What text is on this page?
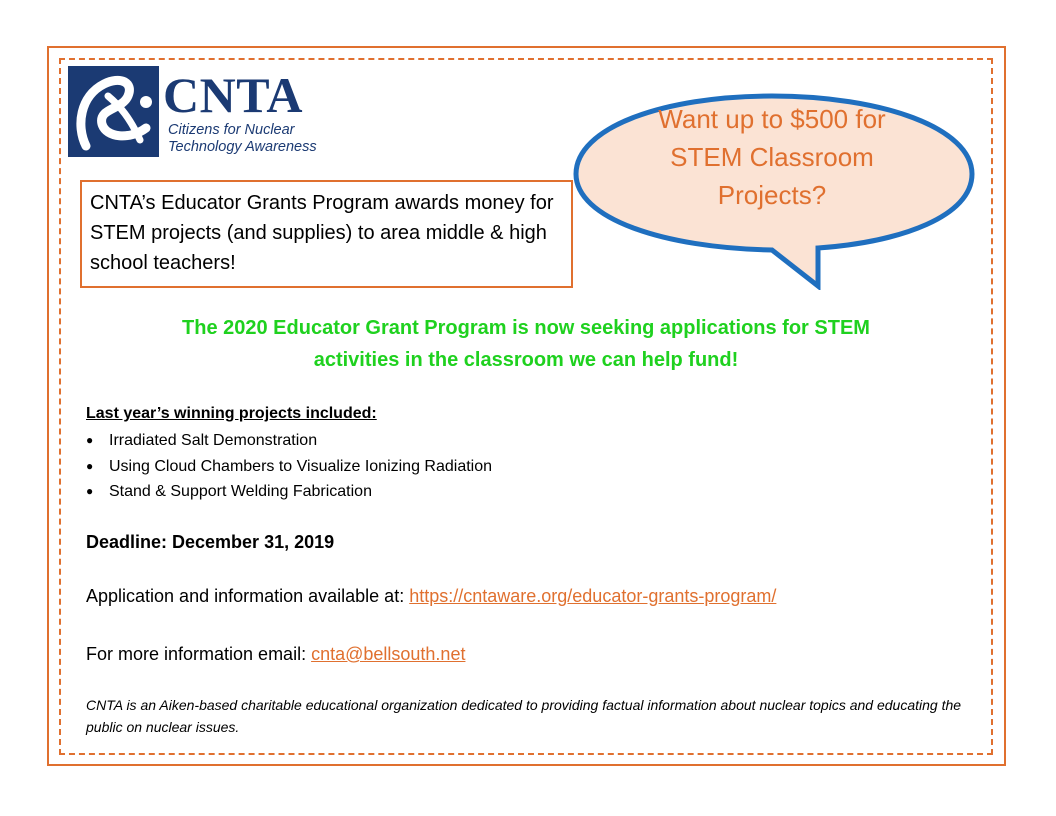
CNTA
Citizens for Nuclear
Technology Awareness
CNTA’s Educator Grants Program awards money for STEM projects (and supplies) to area middle & high school teachers!
Want up to $500 for
STEM Classroom
Projects?
The 2020 Educator Grant Program is now seeking applications for STEM
activities in the classroom we can help fund!
Last year’s winning projects included:
● Irradiated Salt Demonstration
● Using Cloud Chambers to Visualize Ionizing Radiation
● Stand & Support Welding Fabrication
Deadline: December 31, 2019
Application and information available at: https://cntaware.org/educator-grants-program/
For more information email: cnta@bellsouth.net
CNTA is an Aiken-based charitable educational organization dedicated to providing factual information about nuclear topics and educating the public on nuclear issues.
